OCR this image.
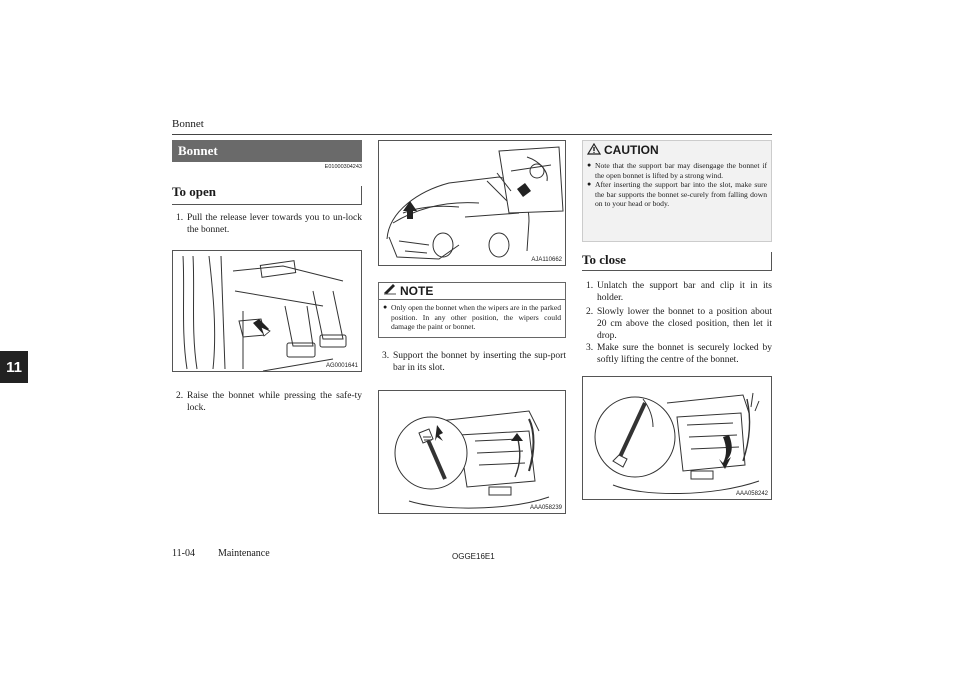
Bonnet
11
Bonnet
E01000304243
To open
1. Pull the release lever towards you to un-lock the bonnet.
AG0001641
2. Raise the bonnet while pressing the safe-ty lock.
AJA110662
NOTE
● Only open the bonnet when the wipers are in the parked position. In any other position, the wipers could damage the paint or bonnet.
3. Support the bonnet by inserting the sup-port bar in its slot.
AAA058239
CAUTION
● Note that the support bar may disengage the bonnet if the open bonnet is lifted by a strong wind.
● After inserting the support bar into the slot, make sure the bar supports the bonnet se-curely from falling down on to your head or body.
To close
1. Unlatch the support bar and clip it in its holder.
2. Slowly lower the bonnet to a position about 20 cm above the closed position, then let it drop.
3. Make sure the bonnet is securely locked by softly lifting the centre of the bonnet.
AAA058242
11-04 Maintenance	OGGE16E1
